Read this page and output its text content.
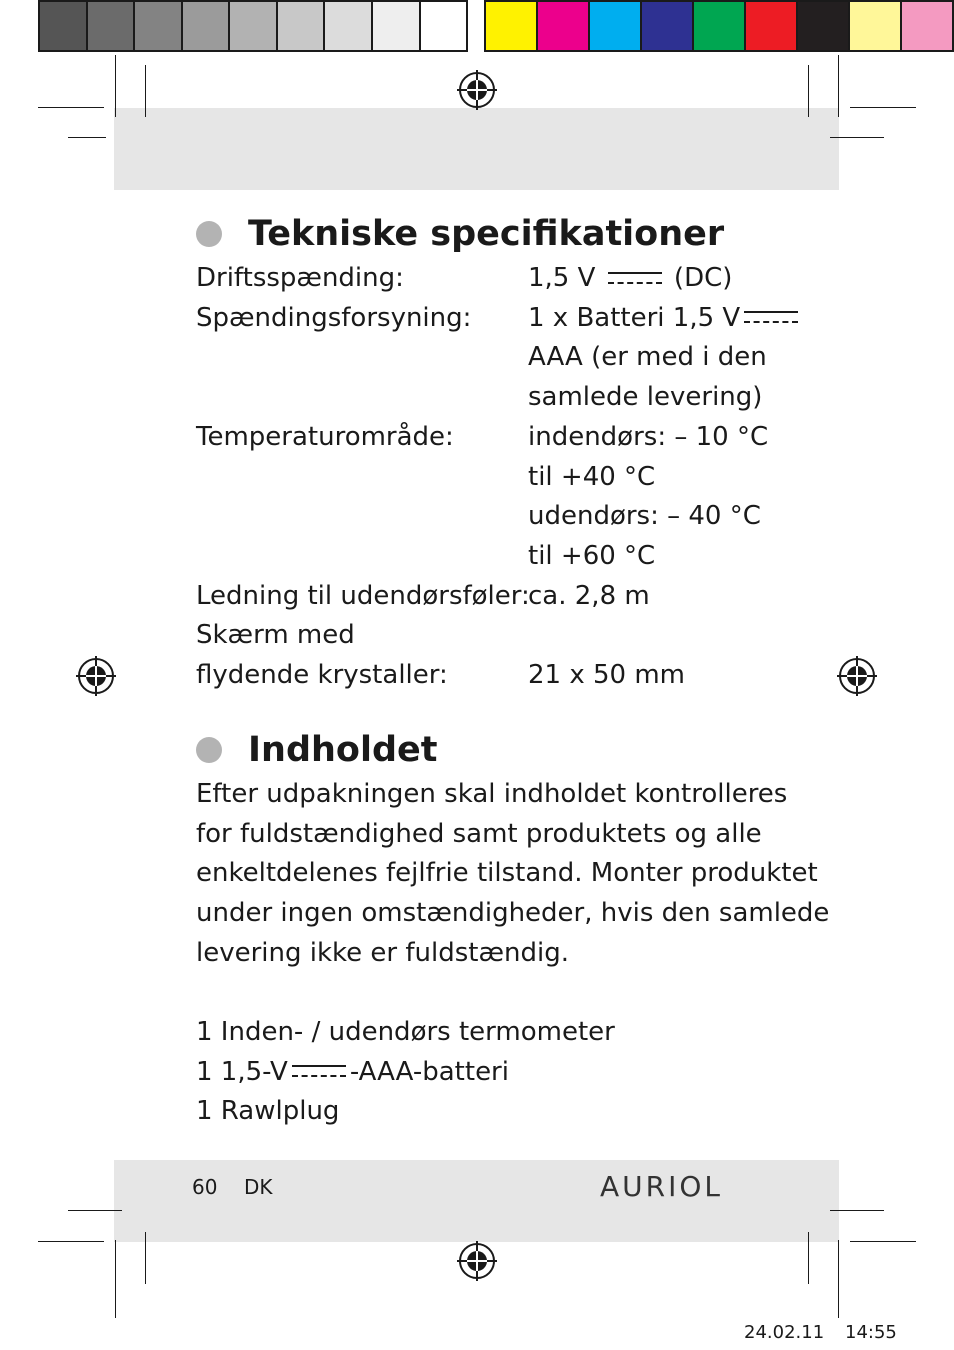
Tekniske specifikationer
Driftsspænding:	1,5 V  (DC)
Spændingsforsyning: 1 x Batteri 1,5 V
AAA (er med i den
samlede levering)
Temperaturområde:	indendørs: – 10 °C
til +40 °C
udendørs: – 40 °C
til +60 °C
Ledning til udendørsføler:
ca. 2,8 m
Skærm med
flydende krystaller:	21 x 50 mm
Indholdet
Efter udpakningen skal indholdet kontrolleres
for fuldstændighed samt produktets og alle
enkeltdelenes fejlfrie tilstand. Monter produktet
under ingen omstændigheder, hvis den samlede
levering ikke er fuldstændig.
1 Inden- / udendørs termometer
1 1,5-V -AAA-batteri
1 Rawlplug
60 DK	AURIOL
24.02.11 14:55
